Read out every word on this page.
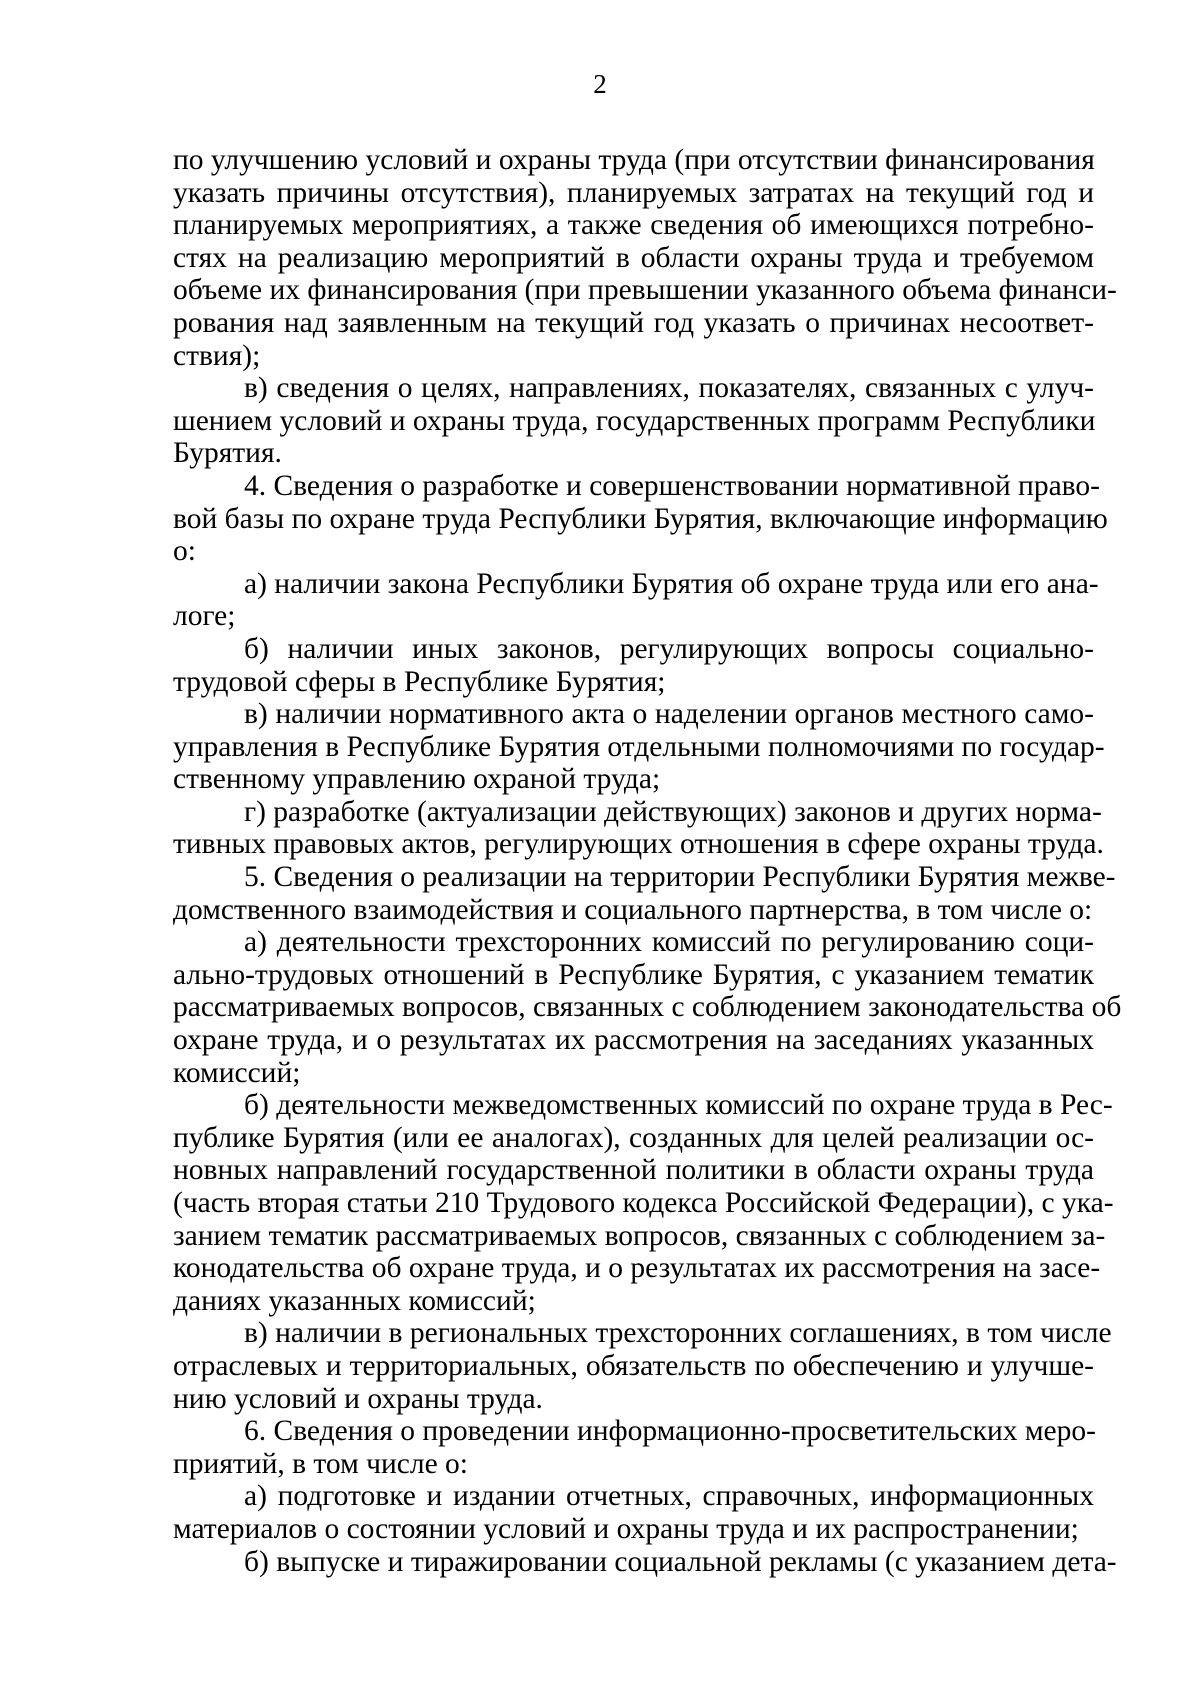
2
по улучшению условий и охраны труда (при отсутствии финансирования
указать причины отсутствия), планируемых затратах на текущий год и
планируемых мероприятиях, а также сведения об имеющихся потребно-
стях на реализацию мероприятий в области охраны труда и требуемом
объеме их финансирования (при превышении указанного объема финанси-
рования над заявленным на текущий год указать о причинах несоответ-
ствия);
в) сведения о целях, направлениях, показателях, связанных с улуч-
шением условий и охраны труда, государственных программ Республики
Бурятия.
4. Сведения о разработке и совершенствовании нормативной право-
вой базы по охране труда Республики Бурятия, включающие информацию
о:
а) наличии закона Республики Бурятия об охране труда или его ана-
логе;
б) наличии иных законов, регулирующих вопросы социально-
трудовой сферы в Республике Бурятия;
в) наличии нормативного акта о наделении органов местного само-
управления в Республике Бурятия отдельными полномочиями по государ-
ственному управлению охраной труда;
г) разработке (актуализации действующих) законов и других норма-
тивных правовых актов, регулирующих отношения в сфере охраны труда.
5. Сведения о реализации на территории Республики Бурятия межве-
домственного взаимодействия и социального партнерства, в том числе о:
а) деятельности трехсторонних комиссий по регулированию соци-
ально-трудовых отношений в Республике Бурятия, с указанием тематик
рассматриваемых вопросов, связанных с соблюдением законодательства об
охране труда, и о результатах их рассмотрения на заседаниях указанных
комиссий;
б) деятельности межведомственных комиссий по охране труда в Рес-
публике Бурятия (или ее аналогах), созданных для целей реализации ос-
новных направлений государственной политики в области охраны труда
(часть вторая статьи 210 Трудового кодекса Российской Федерации), с ука-
занием тематик рассматриваемых вопросов, связанных с соблюдением за-
конодательства об охране труда, и о результатах их рассмотрения на засе-
даниях указанных комиссий;
в) наличии в региональных трехсторонних соглашениях, в том числе
отраслевых и территориальных, обязательств по обеспечению и улучше-
нию условий и охраны труда.
6. Сведения о проведении информационно-просветительских меро-
приятий, в том числе о:
а) подготовке и издании отчетных, справочных, информационных
материалов о состоянии условий и охраны труда и их распространении;
б) выпуске и тиражировании социальной рекламы (с указанием дета-
